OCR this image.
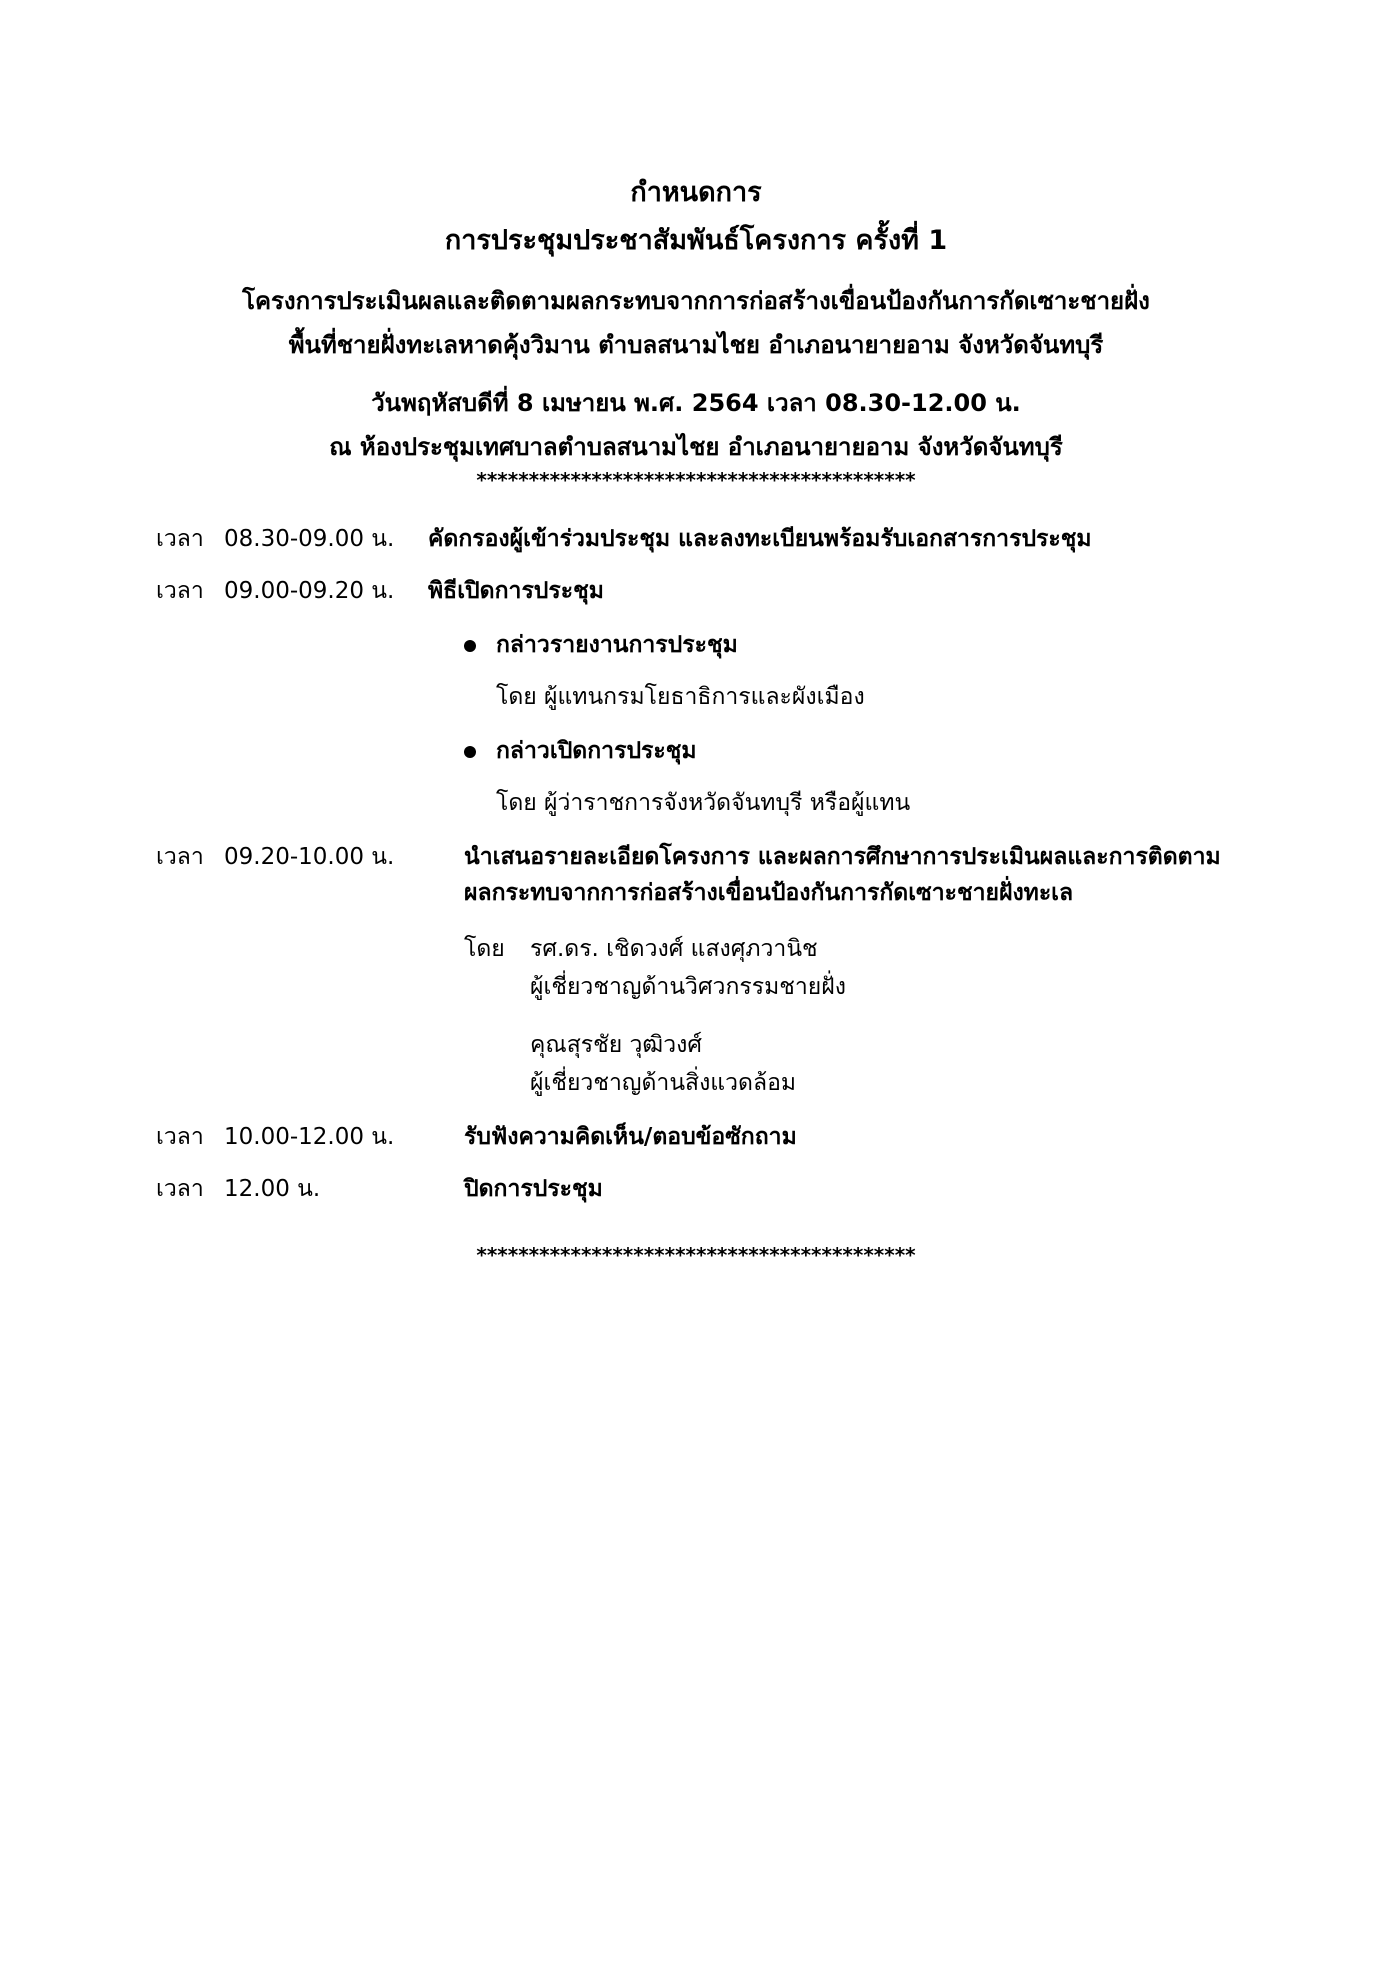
กำหนดการ
การประชุมประชาสัมพันธ์โครงการ ครั้งที่ 1
โครงการประเมินผลและติดตามผลกระทบจากการก่อสร้างเขื่อนป้องกันการกัดเซาะชายฝั่ง
พื้นที่ชายฝั่งทะเลหาดคุ้งวิมาน ตำบลสนามไชย อำเภอนายายอาม จังหวัดจันทบุรี
วันพฤหัสบดีที่ 8 เมษายน พ.ศ. 2564 เวลา 08.30-12.00 น.
ณ ห้องประชุมเทศบาลตำบลสนามไชย อำเภอนายายอาม จังหวัดจันทบุรี
******************************************
เวลา 08.30-09.00 น. คัดกรองผู้เข้าร่วมประชุม และลงทะเบียนพร้อมรับเอกสารการประชุม
เวลา 09.00-09.20 น. พิธีเปิดการประชุม
กล่าวรายงานการประชุม
โดย ผู้แทนกรมโยธาธิการและผังเมือง
กล่าวเปิดการประชุม
โดย ผู้ว่าราชการจังหวัดจันทบุรี หรือผู้แทน
เวลา 09.20-10.00 น.	นำเสนอรายละเอียดโครงการ และผลการศึกษาการประเมินผลและการติดตาม
ผลกระทบจากการก่อสร้างเขื่อนป้องกันการกัดเซาะชายฝั่งทะเล
โดย รศ.ดร. เชิดวงศ์ แสงศุภวานิช
ผู้เชี่ยวชาญด้านวิศวกรรมชายฝั่ง
คุณสุรชัย วุฒิวงศ์
ผู้เชี่ยวชาญด้านสิ่งแวดล้อม
เวลา 10.00-12.00 น.	รับฟังความคิดเห็น/ตอบข้อซักถาม
เวลา 12.00 น.	ปิดการประชุม
******************************************
